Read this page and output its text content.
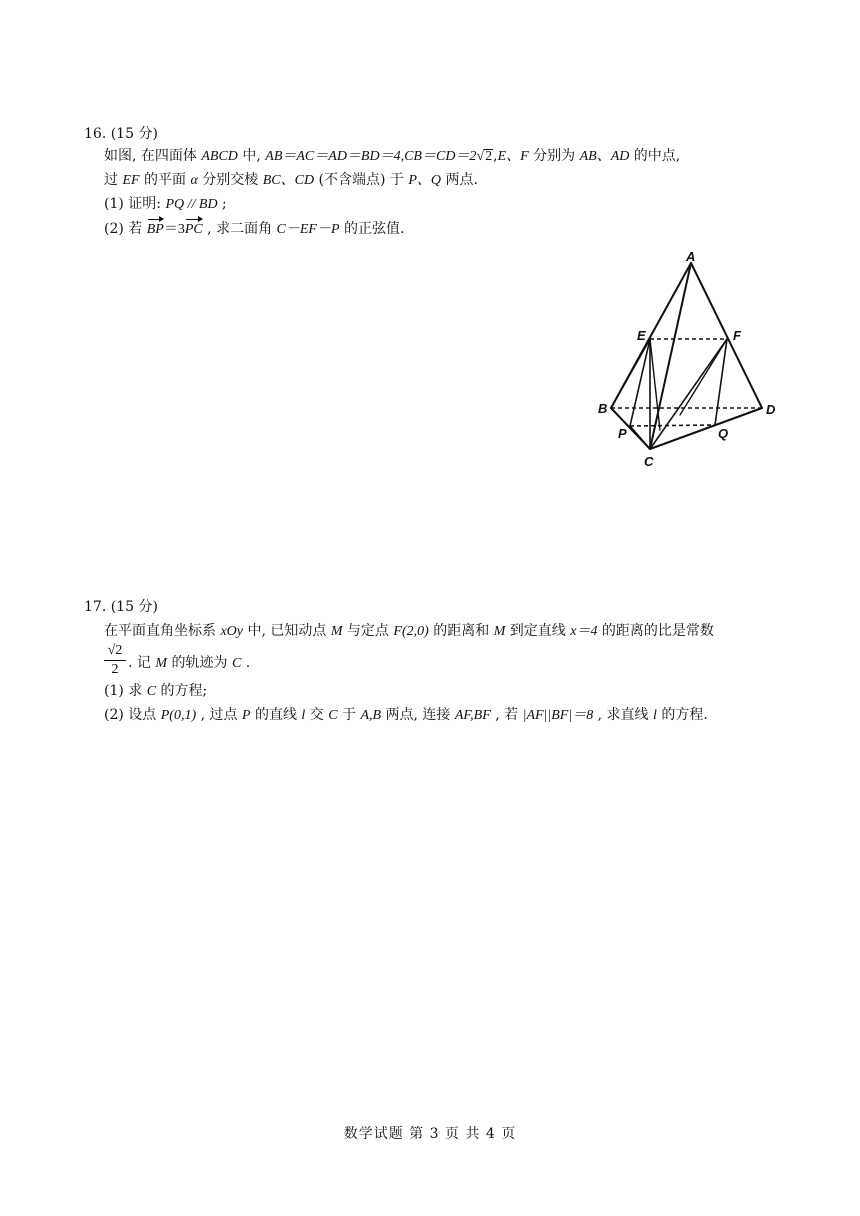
16. (15 分)
如图, 在四面体 ABCD 中, AB＝AC＝AD＝BD＝4,CB＝CD＝2√2,E、F 分别为 AB、AD 的中点,
过 EF 的平面 α 分别交棱 BC、CD (不含端点) 于 P、Q 两点.
(1) 证明: PQ // BD ;
(2) 若 BP＝3PC , 求二面角 C－EF－P 的正弦值.
A
E	F
B	D
P	Q
C
17. (15 分)
在平面直角坐标系 xOy 中, 已知动点 M 与定点 F(2,0) 的距离和 M 到定直线 x＝4 的距离的比是常数
√2
2 . 记 M 的轨迹为 C .
(1) 求 C 的方程;
(2) 设点 P(0,1) , 过点 P 的直线 l 交 C 于 A,B 两点, 连接 AF,BF , 若 |AF||BF|＝8 , 求直线 l 的方程.
数学试题 第 3 页 共 4 页
